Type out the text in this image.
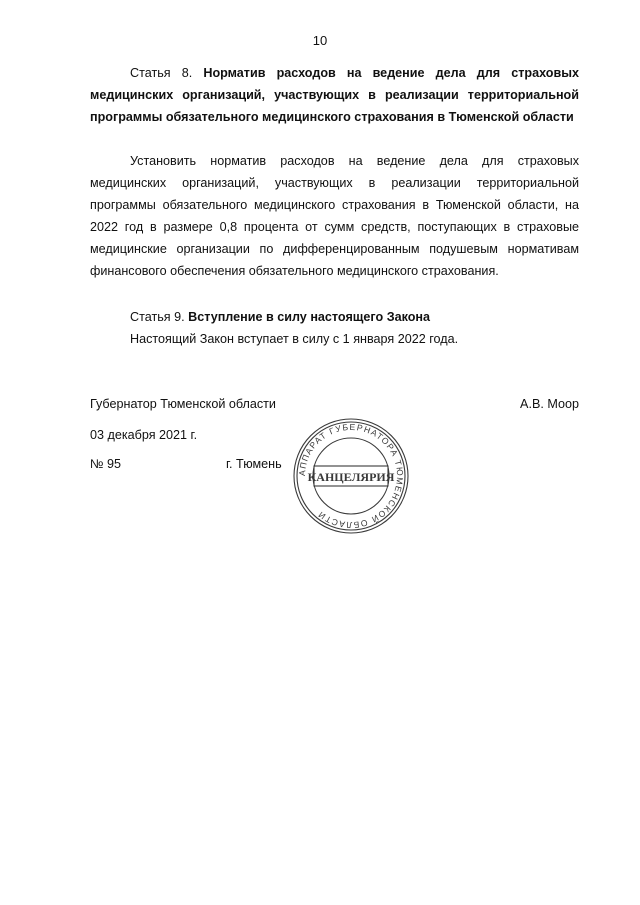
10

Статья 8. Норматив расходов на ведение дела для страховых медицинских организаций, участвующих в реализации территориальной программы обязательного медицинского страхования в Тюменской области

Установить норматив расходов на ведение дела для страховых медицинских организаций, участвующих в реализации территориальной программы обязательного медицинского страхования в Тюменской области, на 2022 год в размере 0,8 процента от сумм средств, поступающих в страховые медицинские организации по дифференцированным подушевым нормативам финансового обеспечения обязательного медицинского страхования.

Статья 9. Вступление в силу настоящего Закона

Настоящий Закон вступает в силу с 1 января 2022 года.

Губернатор Тюменской области	А.В. Моор
03 декабря 2021 г.
№ 95	г. Тюмень
АППАРАТ ГУБЕРНАТОРА ТЮМЕНСКОЙ ОБЛАСТИ
КАНЦЕЛЯРИЯ
